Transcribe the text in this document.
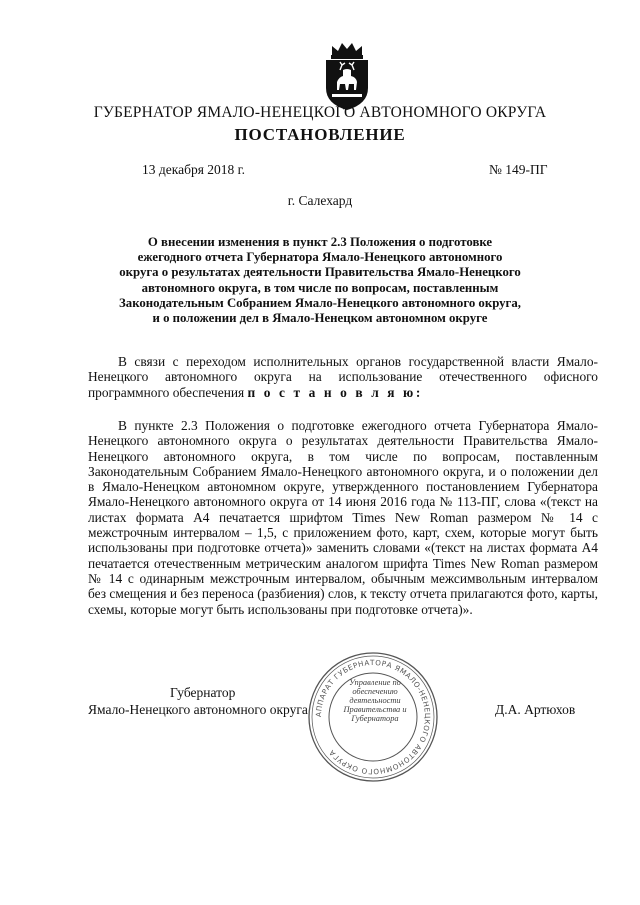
ГУБЕРНАТОР ЯМАЛО-НЕНЕЦКОГО АВТОНОМНОГО ОКРУГА
ПОСТАНОВЛЕНИЕ
13 декабря 2018 г.	№ 149-ПГ
г. Салехард
О внесении изменения в пункт 2.3 Положения о подготовке ежегодного отчета Губернатора Ямало-Ненецкого автономного округа о результатах деятельности Правительства Ямало-Ненецкого автономного округа, в том числе по вопросам, поставленным Законодательным Собранием Ямало-Ненецкого автономного округа, и о положении дел в Ямало-Ненецком автономном округе

В связи с переходом исполнительных органов государственной власти Ямало-Ненецкого автономного округа на использование отечественного офисного программного обеспечения п о с т а н о в л я ю:

В пункте 2.3 Положения о подготовке ежегодного отчета Губернатора Ямало-Ненецкого автономного округа о результатах деятельности Правительства Ямало-Ненецкого автономного округа, в том числе по вопросам, поставленным Законодательным Собранием Ямало-Ненецкого автономного округа, и о положении дел в Ямало-Ненецком автономном округе, утвержденного постановлением Губернатора Ямало-Ненецкого автономного округа от 14 июня 2016 года № 113-ПГ, слова «(текст на листах формата А4 печатается шрифтом Times New Roman размером № 14 с межстрочным интервалом – 1,5, с приложением фото, карт, схем, которые могут быть использованы при подготовке отчета)» заменить словами «(текст на листах формата А4 печатается отечественным метрическим аналогом шрифта Times New Roman размером № 14 с одинарным межстрочным интервалом, обычным межсимвольным интервалом без смещения и без переноса (разбиения) слов, к тексту отчета прилагаются фото, карты, схемы, которые могут быть использованы при подготовке отчета)».

АППАРАТ ГУБЕРНАТОРА ЯМАЛО-НЕНЕЦКОГО АВТОНОМНОГО ОКРУГА
Управление по обеспечению деятельности Правительства и Губернатора
Губернатор
Ямало-Ненецкого автономного округа	Д.А. Артюхов
